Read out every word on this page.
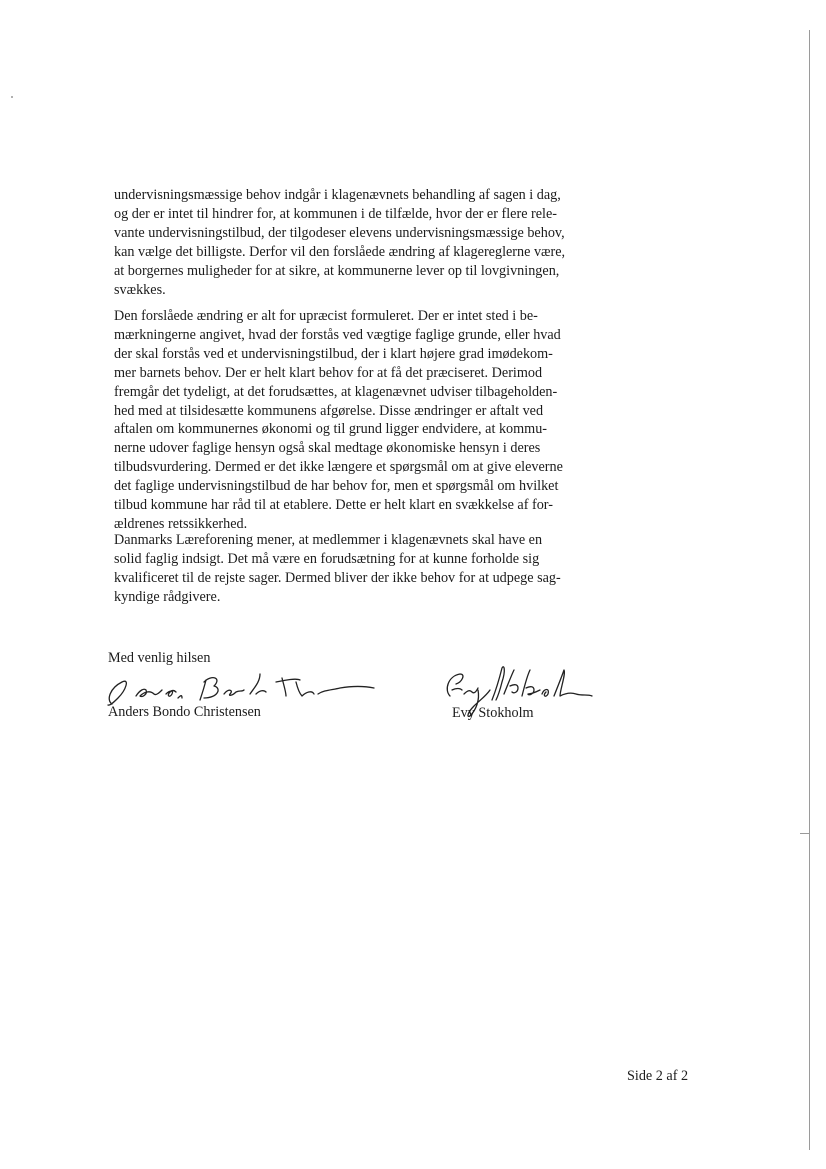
undervisningsmæssige behov indgår i klagenævnets behandling af sagen i dag,
og der er intet til hindrer for, at kommunen i de tilfælde, hvor der er flere rele-
vante undervisningstilbud, der tilgodeser elevens undervisningsmæssige behov,
kan vælge det billigste. Derfor vil den forslåede ændring af klagereglerne være,
at borgernes muligheder for at sikre, at kommunerne lever op til lovgivningen,
svækkes.

Den forslåede ændring er alt for upræcist formuleret. Der er intet sted i be-
mærkningerne angivet, hvad der forstås ved vægtige faglige grunde, eller hvad
der skal forstås ved et undervisningstilbud, der i klart højere grad imødekom-
mer barnets behov. Der er helt klart behov for at få det præciseret. Derimod
fremgår det tydeligt, at det forudsættes, at klagenævnet udviser tilbageholden-
hed med at tilsidesætte kommunens afgørelse. Disse ændringer er aftalt ved
aftalen om kommunernes økonomi og til grund ligger endvidere, at kommu-
nerne udover faglige hensyn også skal medtage økonomiske hensyn i deres
tilbudsvurdering. Dermed er det ikke længere et spørgsmål om at give eleverne
det faglige undervisningstilbud de har behov for, men et spørgsmål om hvilket
tilbud kommune har råd til at etablere. Dette er helt klart en svækkelse af for-
ældrenes retssikkerhed.

Danmarks Læreforening mener, at medlemmer i klagenævnets skal have en
solid faglig indsigt. Det må være en forudsætning for at kunne forholde sig
kvalificeret til de rejste sager. Dermed bliver der ikke behov for at udpege sag-
kyndige rådgivere.

Med venlig hilsen
Anders Bondo Christensen	Evy Stokholm
Side 2 af 2
